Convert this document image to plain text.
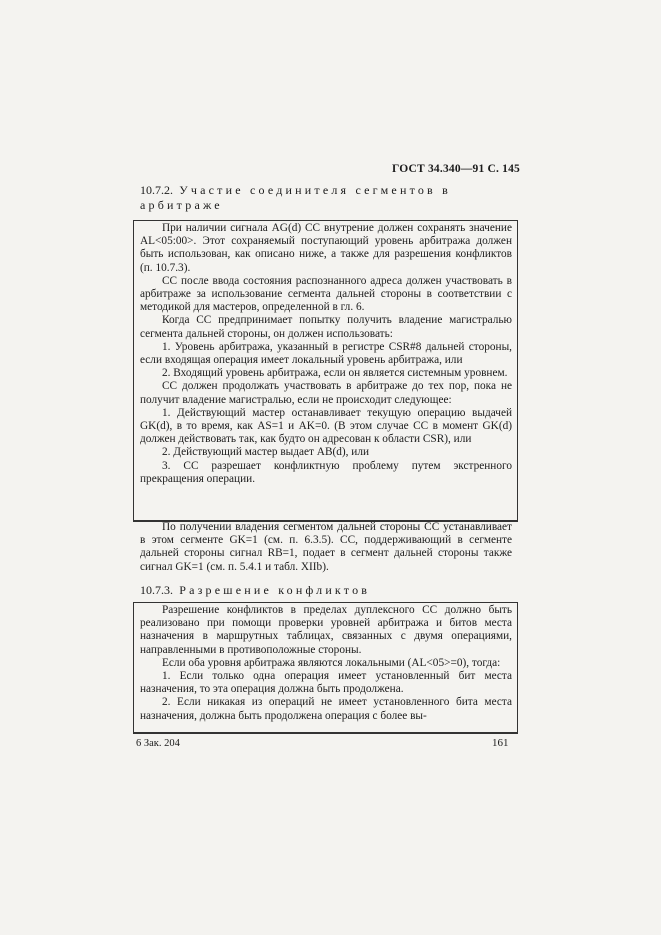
ГОСТ 34.340—91 С. 145
10.7.2. Участие соединителя сегментов в арбитраже

При наличии сигнала AG(d) СС внутрение должен сохранять значение AL<05:00>. Этот сохраняемый поступающий уровень арбитража должен быть использован, как описано ниже, а также для разрешения конфликтов (п. 10.7.3).

СС после ввода состояния распознанного адреса должен участвовать в арбитраже за использование сегмента дальней стороны в соответствии с методикой для мастеров, определенной в гл. 6.

Когда СС предпринимает попытку получить владение магистралью сегмента дальней стороны, он должен использовать:

1. Уровень арбитража, указанный в регистре CSR#8 дальней стороны, если входящая операция имеет локальный уровень арбитража, или

2. Входящий уровень арбитража, если он является системным уровнем.

СС должен продолжать участвовать в арбитраже до тех пор, пока не получит владение магистралью, если не происходит следующее:

1. Действующий мастер останавливает текущую операцию выдачей GK(d), в то время, как AS=1 и AK=0. (В этом случае СС в момент GK(d) должен действовать так, как будто он адресован к области CSR), или

2. Действующий мастер выдает AB(d), или

3. СС разрешает конфликтную проблему путем экстренного прекращения операции.

По получении владения сегментом дальней стороны СС устанавливает в этом сегменте GK=1 (см. п. 6.3.5). СС, поддерживающий в сегменте дальней стороны сигнал RB=1, подает в сегмент дальней стороны также сигнал GK=1 (см. п. 5.4.1 и табл. XIIb).

10.7.3. Разрешение конфликтов

Разрешение конфликтов в пределах дуплексного СС должно быть реализовано при помощи проверки уровней арбитража и битов места назначения в маршрутных таблицах, связанных с двумя операциями, направленными в противоположные стороны.

Если оба уровня арбитража являются локальными (AL<05>=0), тогда:

1. Если только одна операция имеет установленный бит места назначения, то эта операция должна быть продолжена.

2. Если никакая из операций не имеет установленного бита места назначения, должна быть продолжена операция с более вы-

6 Зак. 204	161
